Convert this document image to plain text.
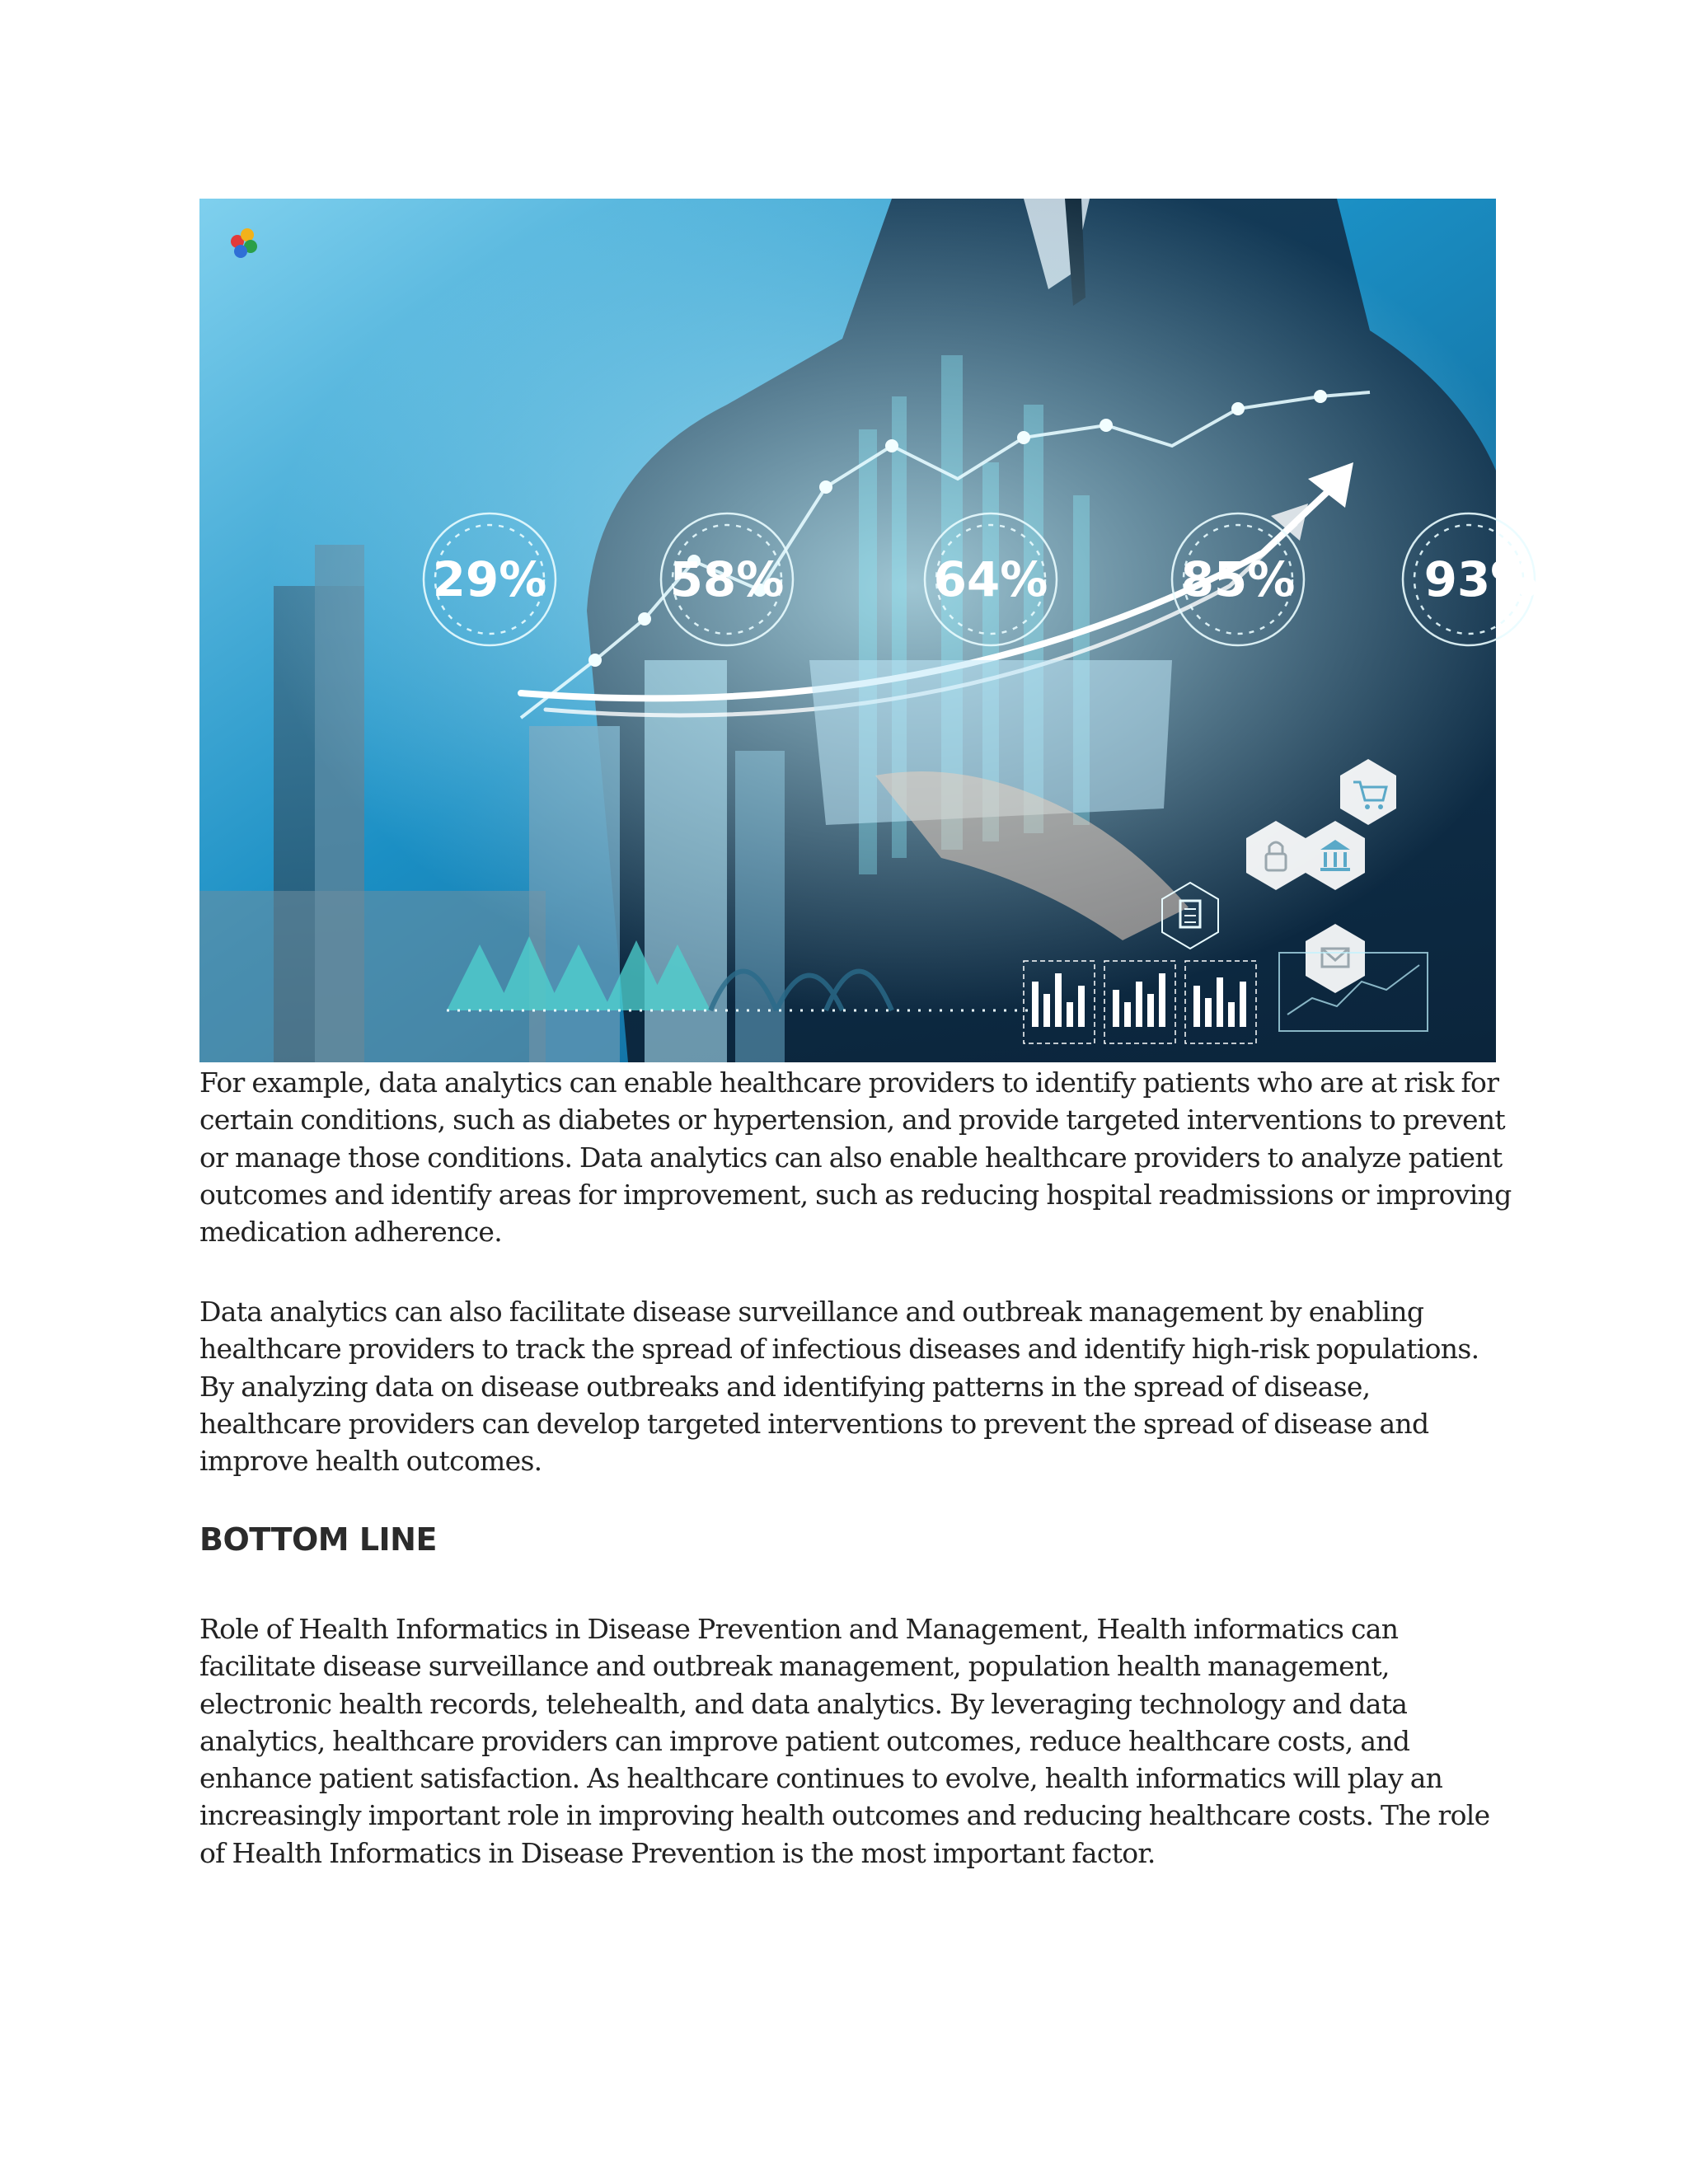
29%	58%	64%	85%	93%

For example, data analytics can enable healthcare providers to identify patients who are at risk for certain conditions, such as diabetes or hypertension, and provide targeted interventions to prevent or manage those conditions. Data analytics can also enable healthcare providers to analyze patient outcomes and identify areas for improvement, such as reducing hospital readmissions or improving medication adherence.

Data analytics can also facilitate disease surveillance and outbreak management by enabling healthcare providers to track the spread of infectious diseases and identify high-risk populations. By analyzing data on disease outbreaks and identifying patterns in the spread of disease, healthcare providers can develop targeted interventions to prevent the spread of disease and improve health outcomes.

BOTTOM LINE

Role of Health Informatics in Disease Prevention and Management, Health informatics can facilitate disease surveillance and outbreak management, population health management, electronic health records, telehealth, and data analytics. By leveraging technology and data analytics, healthcare providers can improve patient outcomes, reduce healthcare costs, and enhance patient satisfaction. As healthcare continues to evolve, health informatics will play an increasingly important role in improving health outcomes and reducing healthcare costs. The role of Health Informatics in Disease Prevention is the most important factor.
